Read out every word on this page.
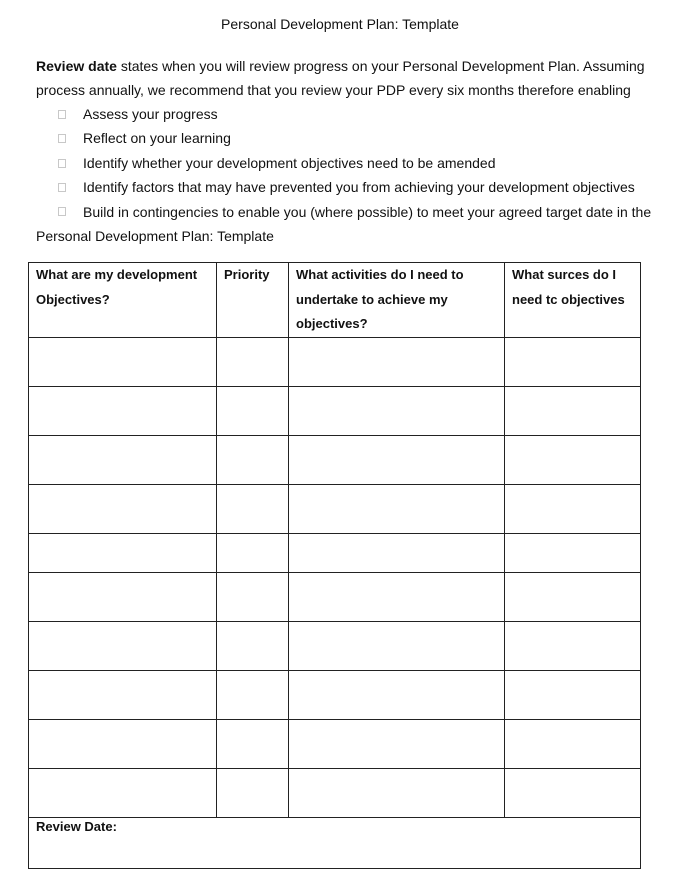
Personal Development Plan: Template
Review date states when you will review progress on your Personal Development Plan. Assuming process annually, we recommend that you review your PDP every six months therefore enabling
Assess your progress
Reflect on your learning
Identify whether your development objectives need to be amended
Identify factors that may have prevented you from achieving your development objectives
Build in contingencies to enable you (where possible) to meet your agreed target date in the
Personal Development Plan: Template
What are my development Objectives?	Priority	What activities do I need to undertake to achieve my objectives?	What surces do I need tc objectives

Review Date:			
